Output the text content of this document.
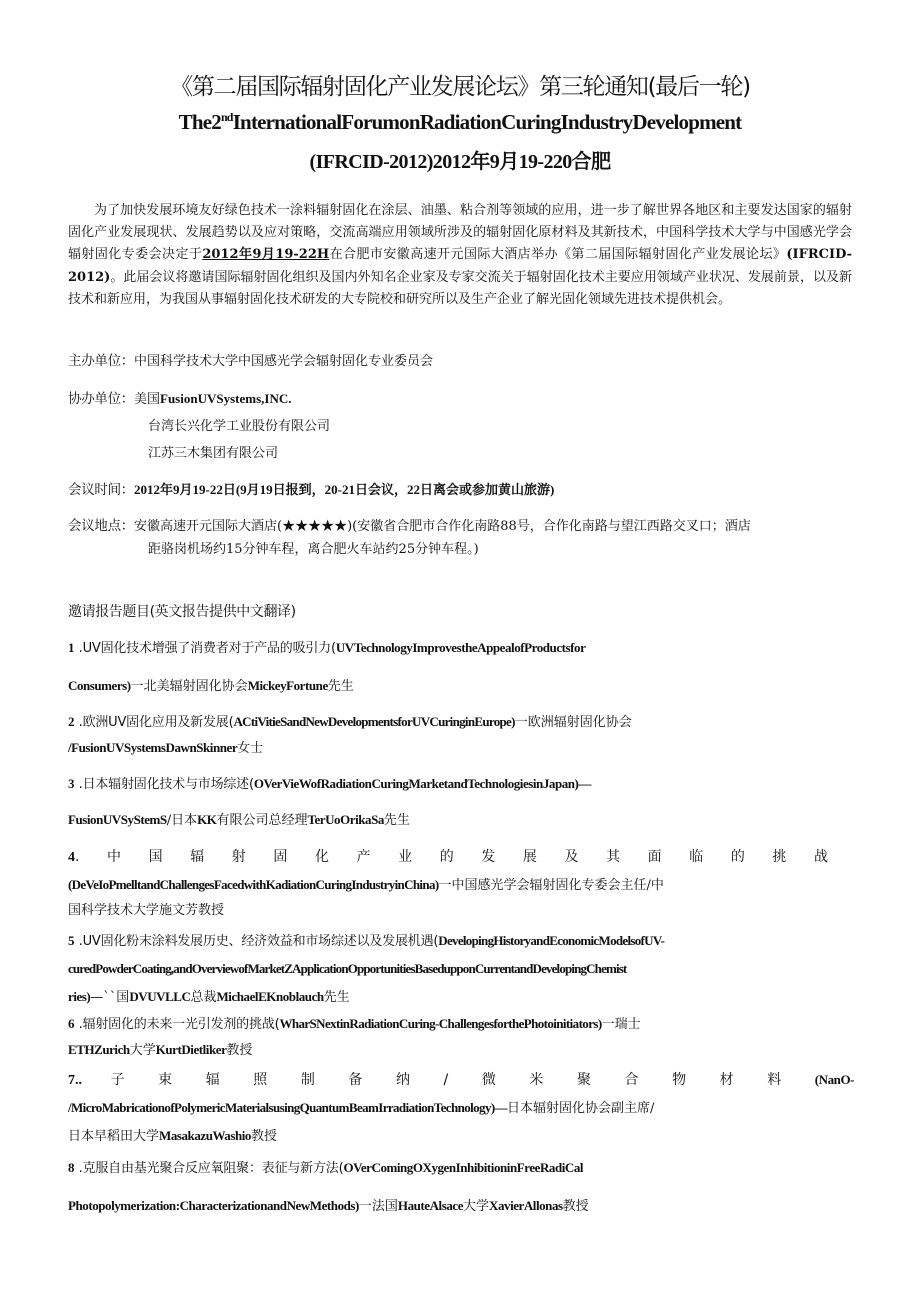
《第二届国际辐射固化产业发展论坛》第三轮通知(最后一轮)
The2ndInternationalForumonRadiationCuringIndustryDevelopment
(IFRCID-2012)2012年9月19-220合肥

为了加快发展环境友好绿色技术一涂料辐射固化在涂层、油墨、粘合剂等领域的应用，进一步了解世界各地区和主要发达国家的辐射固化产业发展现状、发展趋势以及应对策略，交流高端应用领域所涉及的辐射固化原材料及其新技术，中国科学技术大学与中国感光学会辐射固化专委会决定于2012年9月19-22H在合肥市安徽高速开元国际大酒店举办《第二届国际辐射固化产业发展论坛》(IFRCID-2012)。此届会议将邀请国际辐射固化组织及国内外知名企业家及专家交流关于辐射固化技术主要应用领域产业状况、发展前景，以及新技术和新应用，为我国从事辐射固化技术研发的大专院校和研究所以及生产企业了解光固化领域先进技术提供机会。

主办单位：中国科学技术大学中国感光学会辐射固化专业委员会
协办单位：美国FusionUVSystems,INC.
台湾长兴化学工业股份有限公司
江苏三木集团有限公司
会议时间：2012年9月19-22日(9月19日报到，20-21日会议，22日离会或参加黄山旅游)
会议地点：安徽高速开元国际大酒店(★★★★★)(安徽省合肥市合作化南路88号，合作化南路与望江西路交叉口；酒店
距骆岗机场约15分钟车程，离合肥火车站约25分钟车程。)
邀请报告题目(英文报告提供中文翻译)
1 .UV固化技术增强了消费者对于产品的吸引力(UVTechnologyImprovestheAppealofProductsfor
Consumers)一北美辐射固化协会MickeyFortune先生
2 .欧洲UV固化应用及新发展(ACtiVitieSandNewDevelopmentsforUVCuringinEurope)一欧洲辐射固化协会
/FusionUVSystemsDawnSkinner女士
3 .日本辐射固化技术与市场综述(OVerVieWofRadiationCuringMarketandTechnologiesinJapan)—
FusionUVSyStemS/日本KK有限公司总经理TerUoOrikaSa先生
4.中国辐射固化产业的发展及其面临的挑战
(DeVeIoPmelltandChallengesFacedwithKadiationCuringIndustryinChina)一中国感光学会辐射固化专委会主任/中
国科学技术大学施文芳教授
5 .UV固化粉末涂料发展历史、经济效益和市场综述以及发展机遇(DevelopingHistoryandEconomicModelsofUV-
curedPowderCoating,andOverviewofMarketZApplicationOpportunitiesBasedupponCurrentandDevelopingChemist
ries)—``国DVUVLLC总裁MichaelEKnoblauch先生
6 .辐射固化的未来一光引发剂的挑战(WharSNextinRadiationCuring-ChallengesforthePhotoinitiators)一瑞士
ETHZurich大学KurtDietliker教授
7.. 子束辐照制备纳/微米聚合物材料(NanO-
/MicroMabricationofPolymericMaterialsusingQuantumBeamIrradiationTechnology)—日本辐射固化协会副主席/
日本早稻田大学MasakazuWashio教授
8 .克服自由基光聚合反应氧阻聚：表征与新方法(OVerComingOXygenInhibitioninFreeRadiCal
Photopolymerization:CharacterizationandNewMethods)一法国HauteAlsace大学XavierAllonas教授
